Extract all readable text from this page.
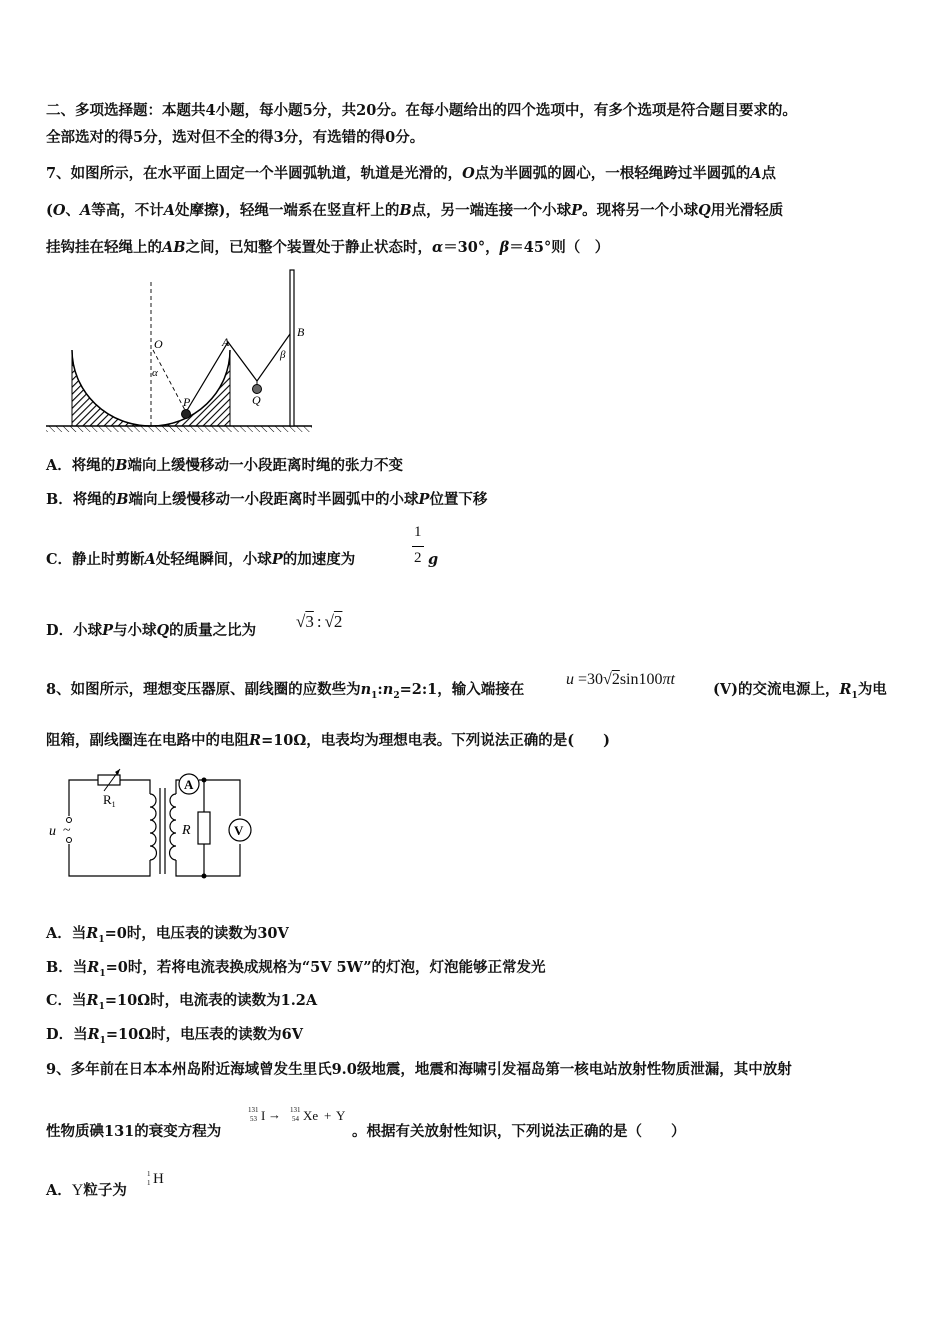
二、多项选择题：本题共4小题，每小题5分，共20分。在每小题给出的四个选项中，有多个选项是符合题目要求的。
全部选对的得5分，选对但不全的得3分，有选错的得0分。
7、如图所示，在水平面上固定一个半圆弧轨道，轨道是光滑的，O点为半圆弧的圆心，一根轻绳跨过半圆弧的A点
(O、A等高，不计A处摩擦)，轻绳一端系在竖直杆上的B点，另一端连接一个小球P。现将另一个小球Q用光滑轻质
挂钩挂在轻绳上的AB之间，已知整个装置处于静止状态时，α＝30°，β＝45°则（　）
O
α
A
B
β
P	Q
A．将绳的B端向上缓慢移动一小段距离时绳的张力不变
B．将绳的B端向上缓慢移动一小段距离时半圆弧中的小球P位置下移
C．静止时剪断A处轻绳瞬间，小球P的加速度为
1
2 g
D．小球P与小球Q的质量之比为 √3 : √2
8、如图所示，理想变压器原、副线圈的应数些为$n_1:n_2=2:1$，输入端接在
u =30√2sin100πt
(V)的交流电源上，$R_1$为电
阻箱，副线圈连在电路中的电阻R=10Ω，电表均为理想电表。下列说法正确的是(　　)
~
u
$R_1$
A
R	V
A．当$R_1=0$时，电压表的读数为30V
B．当$R_1=0$时，若将电流表换成规格为“5V 5W”的灯泡，灯泡能够正常发光
C．当$R_1=10\Omega$时，电流表的读数为1.2A
D．当$R_1=10\Omega$时，电压表的读数为6V
9、多年前在日本本州岛附近海域曾发生里氏9.0级地震，地震和海啸引发福岛第一核电站放射性物质泄漏，其中放射
性物质碘131的衰变方程为
131
53 I → 131
54 Xe + Y
。根据有关放射性知识，下列说法正确的是（　　）
A．Y粒子为
1
1 H
